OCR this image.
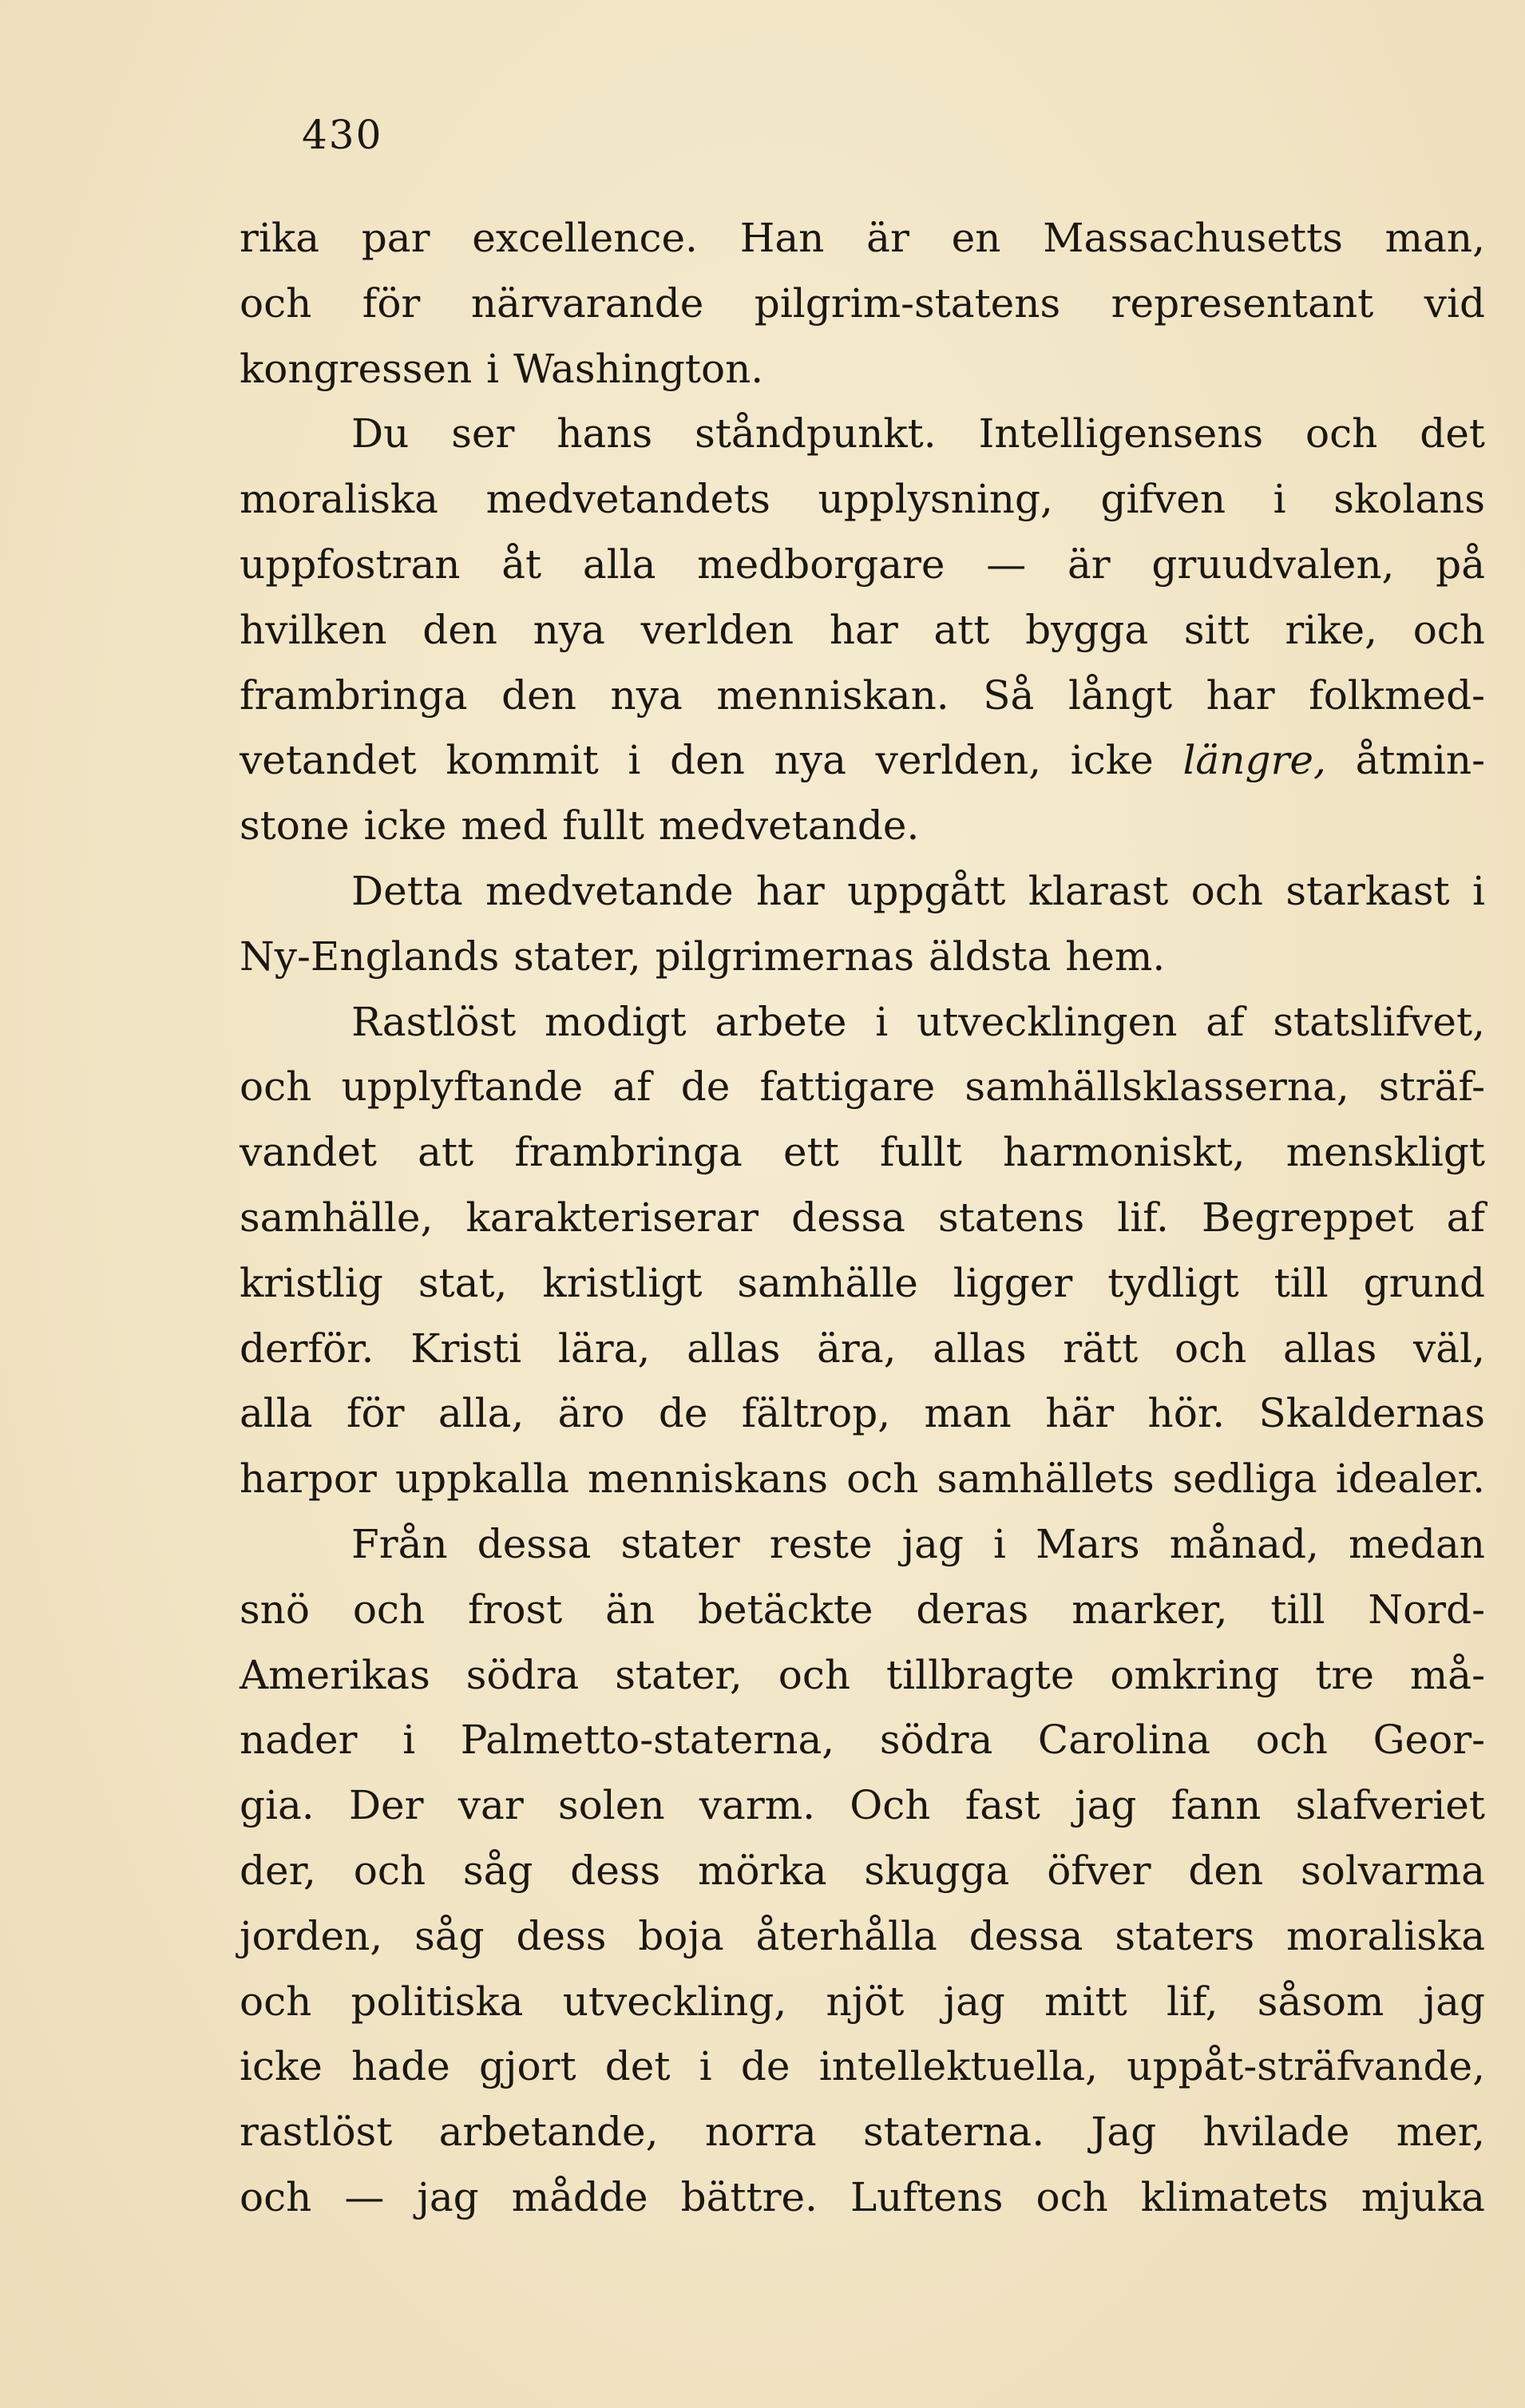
430

rika par excellence. Han är en Massachusetts man,

och för närvarande pilgrim-statens representant vid

kongressen i Washington.

Du ser hans ståndpunkt. Intelligensens och det

moraliska medvetandets upplysning, gifven i skolans

uppfostran åt alla medborgare — är gruudvalen, på

hvilken den nya verlden har att bygga sitt rike, och

frambringa den nya menniskan. Så långt har folkmed-

vetandet kommit i den nya verlden, icke längre, åtmin-

stone icke med fullt medvetande.

Detta medvetande har uppgått klarast och starkast i

Ny-Englands stater, pilgrimernas äldsta hem.

Rastlöst modigt arbete i utvecklingen af statslifvet,

och upplyftande af de fattigare samhällsklasserna, sträf-

vandet att frambringa ett fullt harmoniskt, menskligt

samhälle, karakteriserar dessa statens lif. Begreppet af

kristlig stat, kristligt samhälle ligger tydligt till grund

derför. Kristi lära, allas ära, allas rätt och allas väl,

alla för alla, äro de fältrop, man här hör. Skaldernas

harpor uppkalla menniskans och samhällets sedliga idealer.

Från dessa stater reste jag i Mars månad, medan

snö och frost än betäckte deras marker, till Nord-

Amerikas södra stater, och tillbragte omkring tre må-

nader i Palmetto-staterna, södra Carolina och Geor-

gia. Der var solen varm. Och fast jag fann slafveriet

der, och såg dess mörka skugga öfver den solvarma

jorden, såg dess boja återhålla dessa staters moraliska

och politiska utveckling, njöt jag mitt lif, såsom jag

icke hade gjort det i de intellektuella, uppåt-sträfvande,

rastlöst arbetande, norra staterna. Jag hvilade mer,

och — jag mådde bättre. Luftens och klimatets mjuka
